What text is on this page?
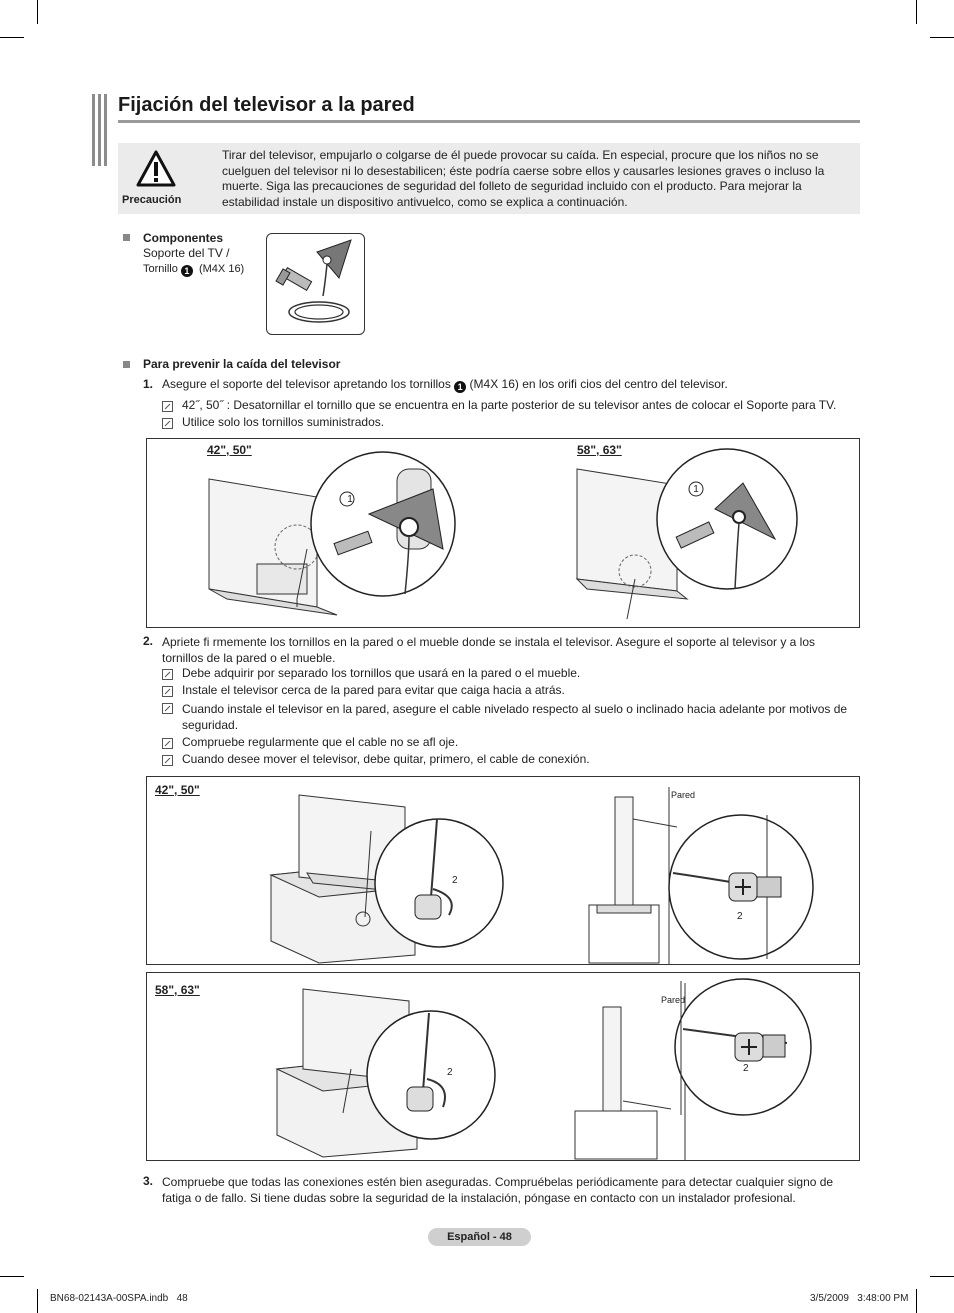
Fijación del televisor a la pared
Precaución
Tirar del televisor, empujarlo o colgarse de él puede provocar su caída. En especial, procure que los niños no se cuelguen del televisor ni lo desestabilicen; éste podría caerse sobre ellos y causarles lesiones graves o incluso la muerte. Siga las precauciones de seguridad del folleto de seguridad incluido con el producto. Para mejorar la estabilidad instale un dispositivo antivuelco, como se explica a continuación.
Componentes
Soporte del TV /
Tornillo 1 (M4X 16)
Para prevenir la caída del televisor
1. Asegure el soporte del televisor apretando los tornillos 1 (M4X 16) en los orifi cios del centro del televisor.
42˝, 50˝ : Desatornillar el tornillo que se encuentra en la parte posterior de su televisor antes de colocar el Soporte para TV.
Utilice solo los tornillos suministrados.
42", 50"	58", 63"
1
1
2. Apriete fi rmemente los tornillos en la pared o el mueble donde se instala el televisor. Asegure el soporte al televisor y a los tornillos de la pared o el mueble.
Debe adquirir por separado los tornillos que usará en la pared o el mueble.
Instale el televisor cerca de la pared para evitar que caiga hacia a atrás.
Cuando instale el televisor en la pared, asegure el cable nivelado respecto al suelo o inclinado hacia adelante por motivos de seguridad.
Compruebe regularmente que el cable no se afl oje.
Cuando desee mover el televisor, debe quitar, primero, el cable de conexión.
42", 50"	Pared
2
2
58", 63"
Pared
2	2
3. Compruebe que todas las conexiones estén bien aseguradas. Compruébelas periódicamente para detectar cualquier signo de fatiga o de fallo. Si tiene dudas sobre la seguridad de la instalación, póngase en contacto con un instalador profesional.
Español - 48
BN68-02143A-00SPA.indb   48	3/5/2009   3:48:00 PM
